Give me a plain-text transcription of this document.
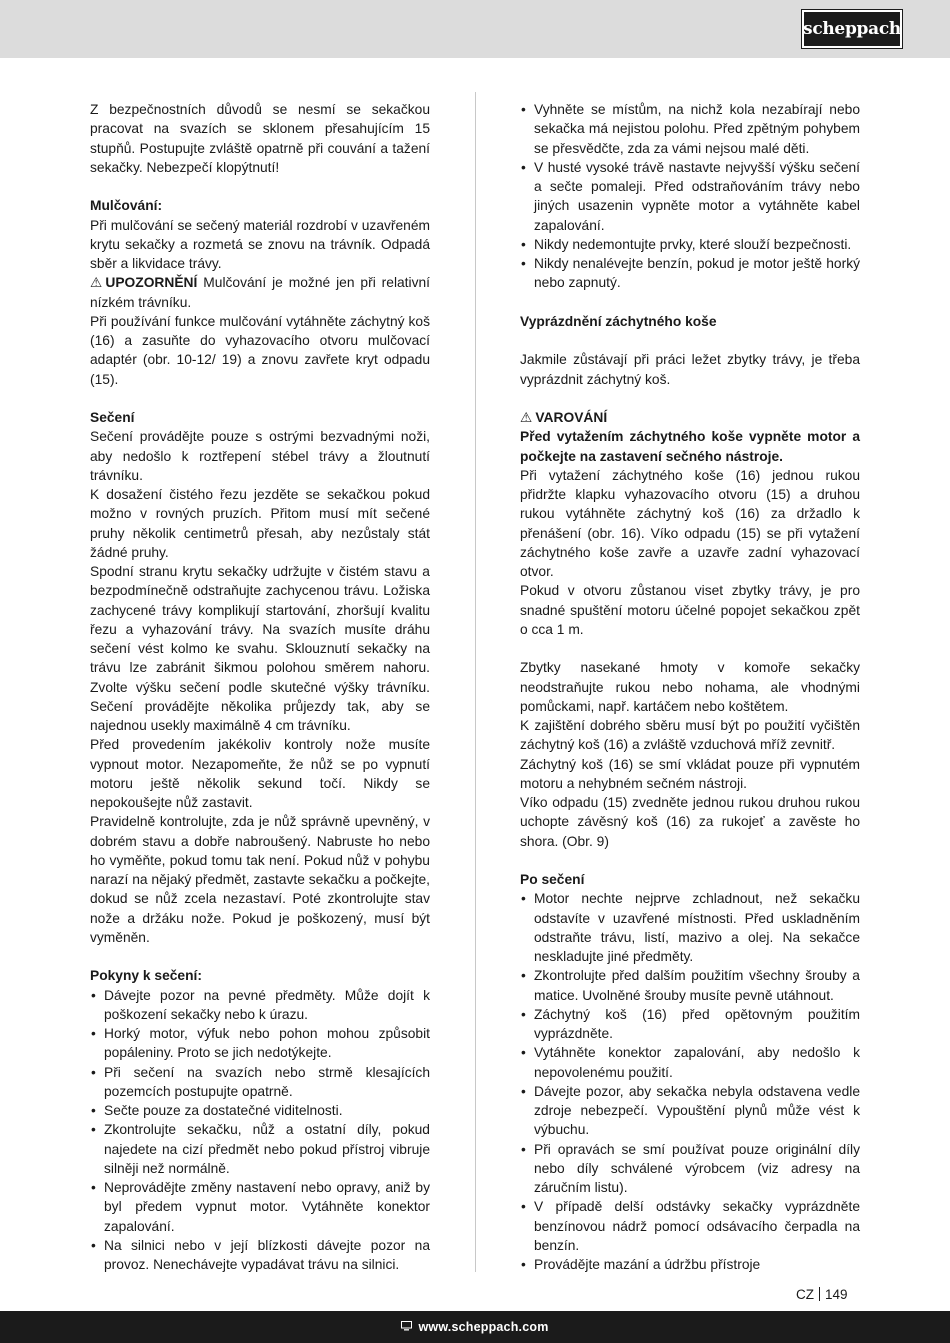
scheppach

Z bezpečnostních důvodů se nesmí se sekačkou pracovat na svazích se sklonem přesahujícím 15 stupňů. Postupujte zvláště opatrně při couvání a tažení sekačky. Nebezpečí klopýtnutí!

Mulčování:

Při mulčování se sečený materiál rozdrobí v uzavřeném krytu sekačky a rozmetá se znovu na trávník. Odpadá sběr a likvidace trávy.

⚠ UPOZORNĚNÍ Mulčování je možné jen při relativní nízkém trávníku.

Při používání funkce mulčování vytáhněte záchytný koš (16) a zasuňte do vyhazovacího otvoru mulčovací adaptér (obr. 10-12/ 19) a znovu zavřete kryt odpadu (15).

Sečení

Sečení provádějte pouze s ostrými bezvadnými noži, aby nedošlo k roztřepení stébel trávy a žloutnutí trávníku.

K dosažení čistého řezu jezděte se sekačkou pokud možno v rovných pruzích. Přitom musí mít sečené pruhy několik centimetrů přesah, aby nezůstaly stát žádné pruhy.

Spodní stranu krytu sekačky udržujte v čistém stavu a bezpodmínečně odstraňujte zachycenou trávu. Ložiska zachycené trávy komplikují startování, zhoršují kvalitu řezu a vyhazování trávy. Na svazích musíte dráhu sečení vést kolmo ke svahu. Sklouznutí sekačky na trávu lze zabránit šikmou polohou směrem nahoru. Zvolte výšku sečení podle skutečné výšky trávníku. Sečení provádějte několika průjezdy tak, aby se najednou usekly maximálně 4 cm trávníku.

Před provedením jakékoliv kontroly nože musíte vypnout motor. Nezapomeňte, že nůž se po vypnutí motoru ještě několik sekund točí. Nikdy se nepokoušejte nůž zastavit.

Pravidelně kontrolujte, zda je nůž správně upevněný, v dobrém stavu a dobře nabroušený. Nabruste ho nebo ho vyměňte, pokud tomu tak není. Pokud nůž v pohybu narazí na nějaký předmět, zastavte sekačku a počkejte, dokud se nůž zcela nezastaví. Poté zkontrolujte stav nože a držáku nože. Pokud je poškozený, musí být vyměněn.

Pokyny k sečení:

• Dávejte pozor na pevné předměty. Může dojít k poškození sekačky nebo k úrazu.
• Horký motor, výfuk nebo pohon mohou způsobit popáleniny. Proto se jich nedotýkejte.
• Při sečení na svazích nebo strmě klesajících pozemcích postupujte opatrně.
• Sečte pouze za dostatečné viditelnosti.
• Zkontrolujte sekačku, nůž a ostatní díly, pokud najedete na cizí předmět nebo pokud přístroj vibruje silněji než normálně.
• Neprovádějte změny nastavení nebo opravy, aniž by byl předem vypnut motor. Vytáhněte konektor zapalování.
• Na silnici nebo v její blízkosti dávejte pozor na provoz. Nenechávejte vypadávat trávu na silnici.
• Vyhněte se místům, na nichž kola nezabírají nebo sekačka má nejistou polohu. Před zpětným pohybem se přesvědčte, zda za vámi nejsou malé děti.
• V husté vysoké trávě nastavte nejvyšší výšku sečení a sečte pomaleji. Před odstraňováním trávy nebo jiných usazenin vypněte motor a vytáhněte kabel zapalování.
• Nikdy nedemontujte prvky, které slouží bezpečnosti.
• Nikdy nenalévejte benzín, pokud je motor ještě horký nebo zapnutý.

Vyprázdnění záchytného koše

Jakmile zůstávají při práci ležet zbytky trávy, je třeba vyprázdnit záchytný koš.

⚠ VAROVÁNÍ

Před vytažením záchytného koše vypněte motor a počkejte na zastavení sečného nástroje.

Při vytažení záchytného koše (16) jednou rukou přidržte klapku vyhazovacího otvoru (15) a druhou rukou vytáhněte záchytný koš (16) za držadlo k přenášení (obr. 16). Víko odpadu (15) se při vytažení záchytného koše zavře a uzavře zadní vyhazovací otvor.

Pokud v otvoru zůstanou viset zbytky trávy, je pro snadné spuštění motoru účelné popojet sekačkou zpět o cca 1 m.

Zbytky nasekané hmoty v komoře sekačky neodstraňujte rukou nebo nohama, ale vhodnými pomůckami, např. kartáčem nebo koštětem.

K zajištění dobrého sběru musí být po použití vyčištěn záchytný koš (16) a zvláště vzduchová mříž zevnitř.

Záchytný koš (16) se smí vkládat pouze při vypnutém motoru a nehybném sečném nástroji.

Víko odpadu (15) zvedněte jednou rukou druhou rukou uchopte závěsný koš (16) za rukojeť a zavěste ho shora. (Obr. 9)

Po sečení

• Motor nechte nejprve zchladnout, než sekačku odstavíte v uzavřené místnosti. Před uskladněním odstraňte trávu, listí, mazivo a olej. Na sekačce neskladujte jiné předměty.
• Zkontrolujte před dalším použitím všechny šrouby a matice. Uvolněné šrouby musíte pevně utáhnout.
• Záchytný koš (16) před opětovným použitím vyprázdněte.
• Vytáhněte konektor zapalování, aby nedošlo k nepovolenému použití.
• Dávejte pozor, aby sekačka nebyla odstavena vedle zdroje nebezpečí. Vypouštění plynů může vést k výbuchu.
• Při opravách se smí používat pouze originální díly nebo díly schválené výrobcem (viz adresy na záručním listu).
• V případě delší odstávky sekačky vyprázdněte benzínovou nádrž pomocí odsávacího čerpadla na benzín.
• Provádějte mazání a údržbu přístroje
CZ 149
www.scheppach.com
